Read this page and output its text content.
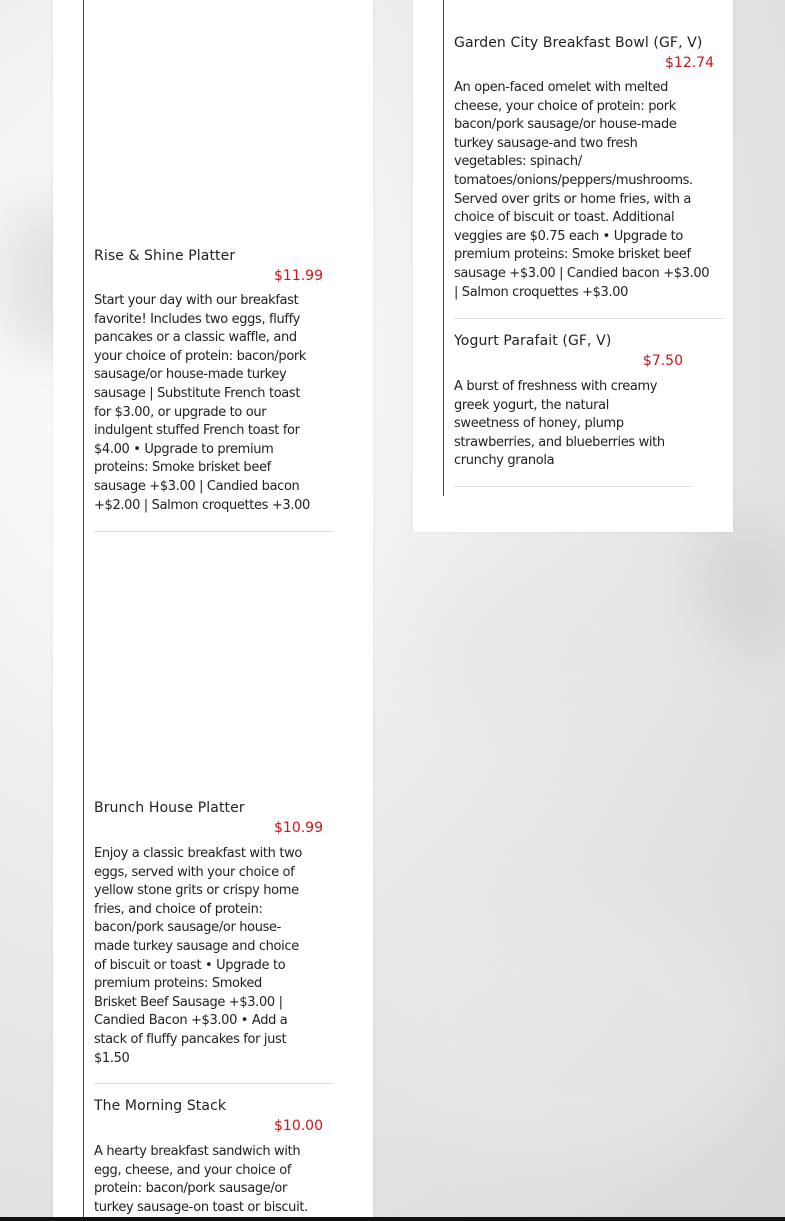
Rise & Shine Platter
$11.99

Start your day with our breakfast favorite! Includes two eggs, fluffy pancakes or a classic waffle, and your choice of protein: bacon/pork sausage/or house-made turkey sausage | Substitute French toast for $3.00, or upgrade to our indulgent stuffed French toast for $4.00 • Upgrade to premium proteins: Smoke brisket beef sausage +$3.00 | Candied bacon +$2.00 | Salmon croquettes +3.00

Brunch House Platter
$10.99

Enjoy a classic breakfast with two eggs, served with your choice of yellow stone grits or crispy home fries, and choice of protein: bacon/pork sausage/or house-made turkey sausage and choice of biscuit or toast • Upgrade to premium proteins: Smoked Brisket Beef Sausage +$3.00 | Candied Bacon +$3.00 • Add a stack of fluffy pancakes for just $1.50

The Morning Stack
$10.00

A hearty breakfast sandwich with egg, cheese, and your choice of protein: bacon/pork sausage/or turkey sausage-on toast or biscuit.

Garden City Breakfast Bowl (GF, V)
$12.74

An open-faced omelet with melted cheese, your choice of protein: pork bacon/pork sausage/or house-made turkey sausage-and two fresh vegetables: spinach/ tomatoes/onions/peppers/mushrooms. Served over grits or home fries, with a choice of biscuit or toast. Additional veggies are $0.75 each • Upgrade to premium proteins: Smoke brisket beef sausage +$3.00 | Candied bacon +$3.00 | Salmon croquettes +$3.00

Yogurt Parafait (GF, V)
$7.50

A burst of freshness with creamy greek yogurt, the natural sweetness of honey, plump strawberries, and blueberries with crunchy granola
